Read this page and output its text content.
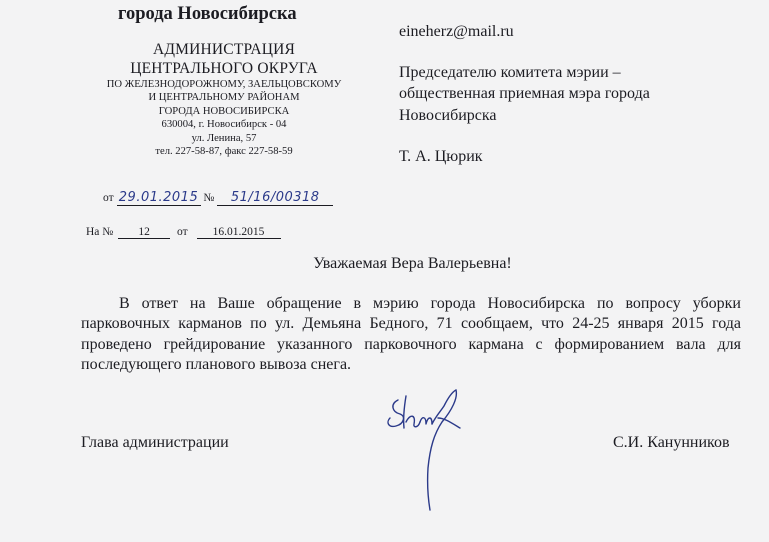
города Новосибирска
АДМИНИСТРАЦИЯ
ЦЕНТРАЛЬНОГО ОКРУГА
ПО ЖЕЛЕЗНОДОРОЖНОМУ, ЗАЕЛЬЦОВСКОМУ
И ЦЕНТРАЛЬНОМУ РАЙОНАМ
ГОРОДА НОВОСИБИРСКА
630004, г. Новосибирск - 04
ул. Ленина, 57
тел. 227-58-87, факс 227-58-59
eineherz@mail.ru
Председателю комитета мэрии –
общественная приемная мэра города
Новосибирска
Т. А. Цюрик
от 29.01.2015 № 51/16/00318
На № 12 от 16.01.2015
Уважаемая Вера Валерьевна!
В ответ на Ваше обращение в мэрию города Новосибирска по вопросу уборки парковочных карманов по ул. Демьяна Бедного, 71 сообщаем, что 24-25 января 2015 года проведено грейдирование указанного парковочного кармана с формированием вала для последующего планового вывоза снега.
Глава администрации	С.И. Канунников
